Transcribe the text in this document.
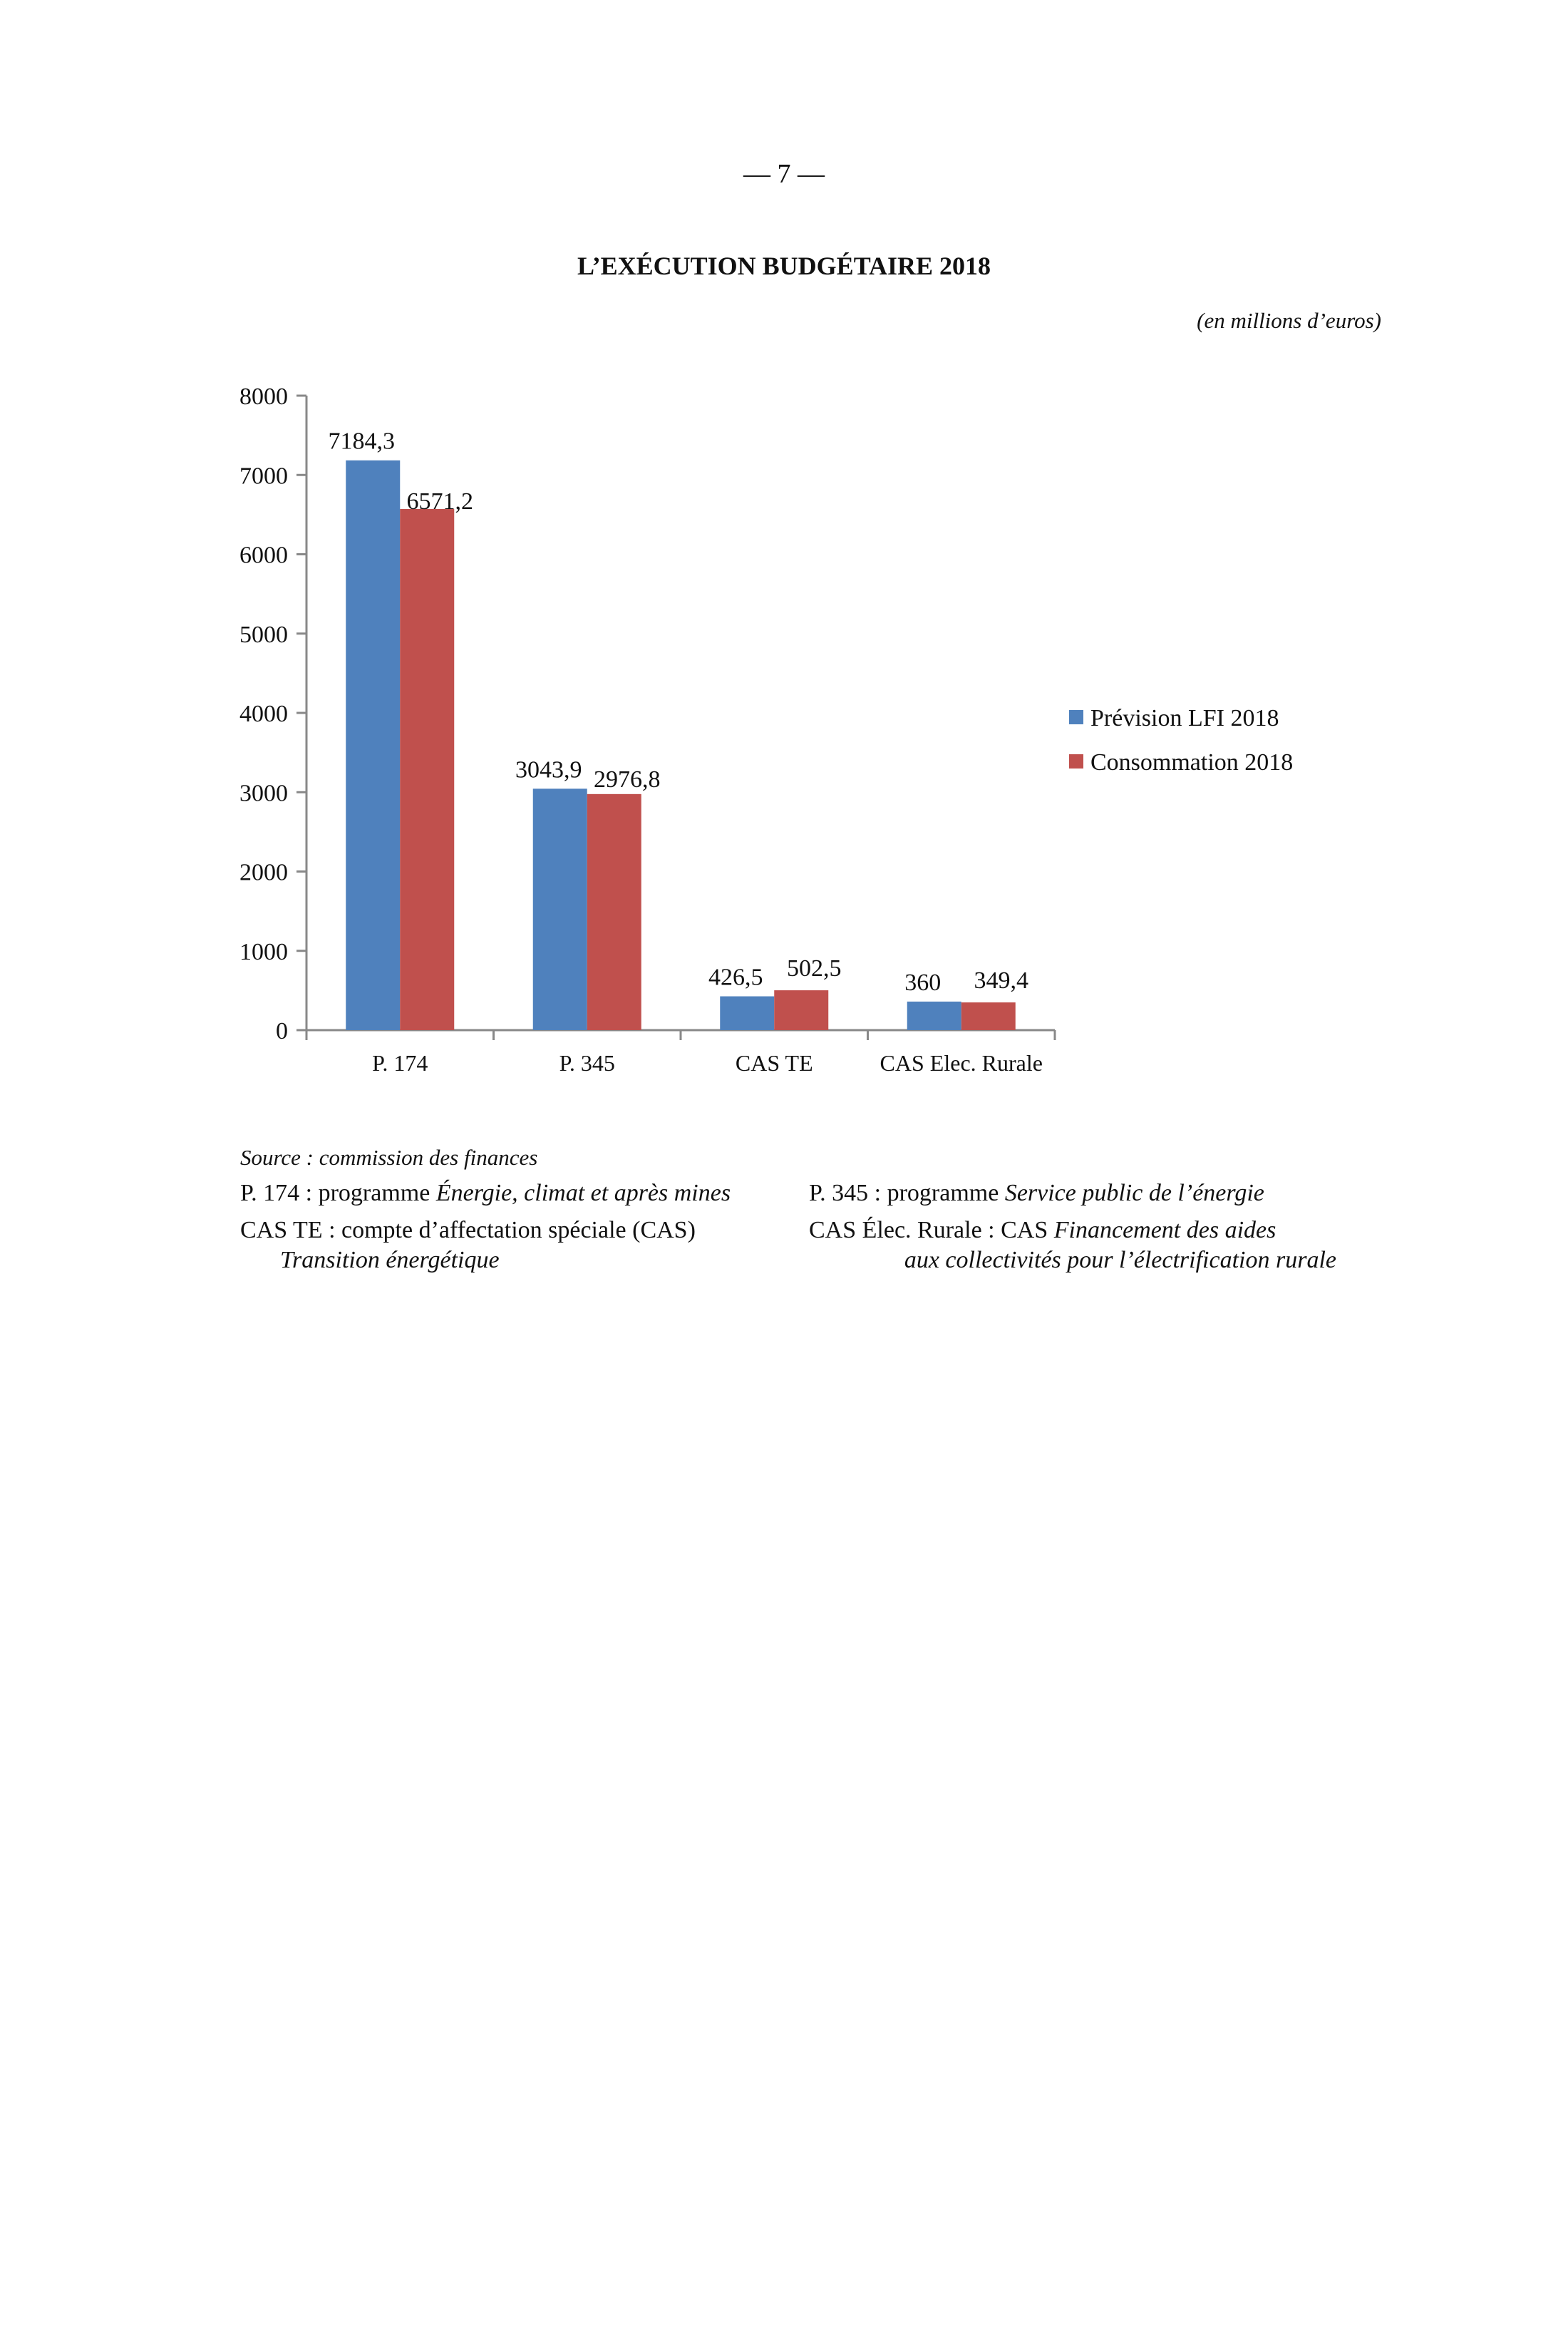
— 7 —
L’EXÉCUTION BUDGÉTAIRE 2018
(en millions d’euros)
0
1000
2000
3000
4000
5000
6000
7000
8000
P. 174	P. 345	CAS TE	CAS Elec. Rurale
7184,3
6571,2
3043,9 2976,8
426,5 502,5
360 349,4
Prévision LFI 2018
Consommation 2018
Source : commission des finances
P. 174 : programme Énergie, climat et après mines	P. 345 : programme Service public de l’énergie
CAS TE : compte d’affectation spéciale (CAS)
Transition énergétique
CAS Élec. Rurale : CAS Financement des aides
aux collectivités pour l’électrification rurale
